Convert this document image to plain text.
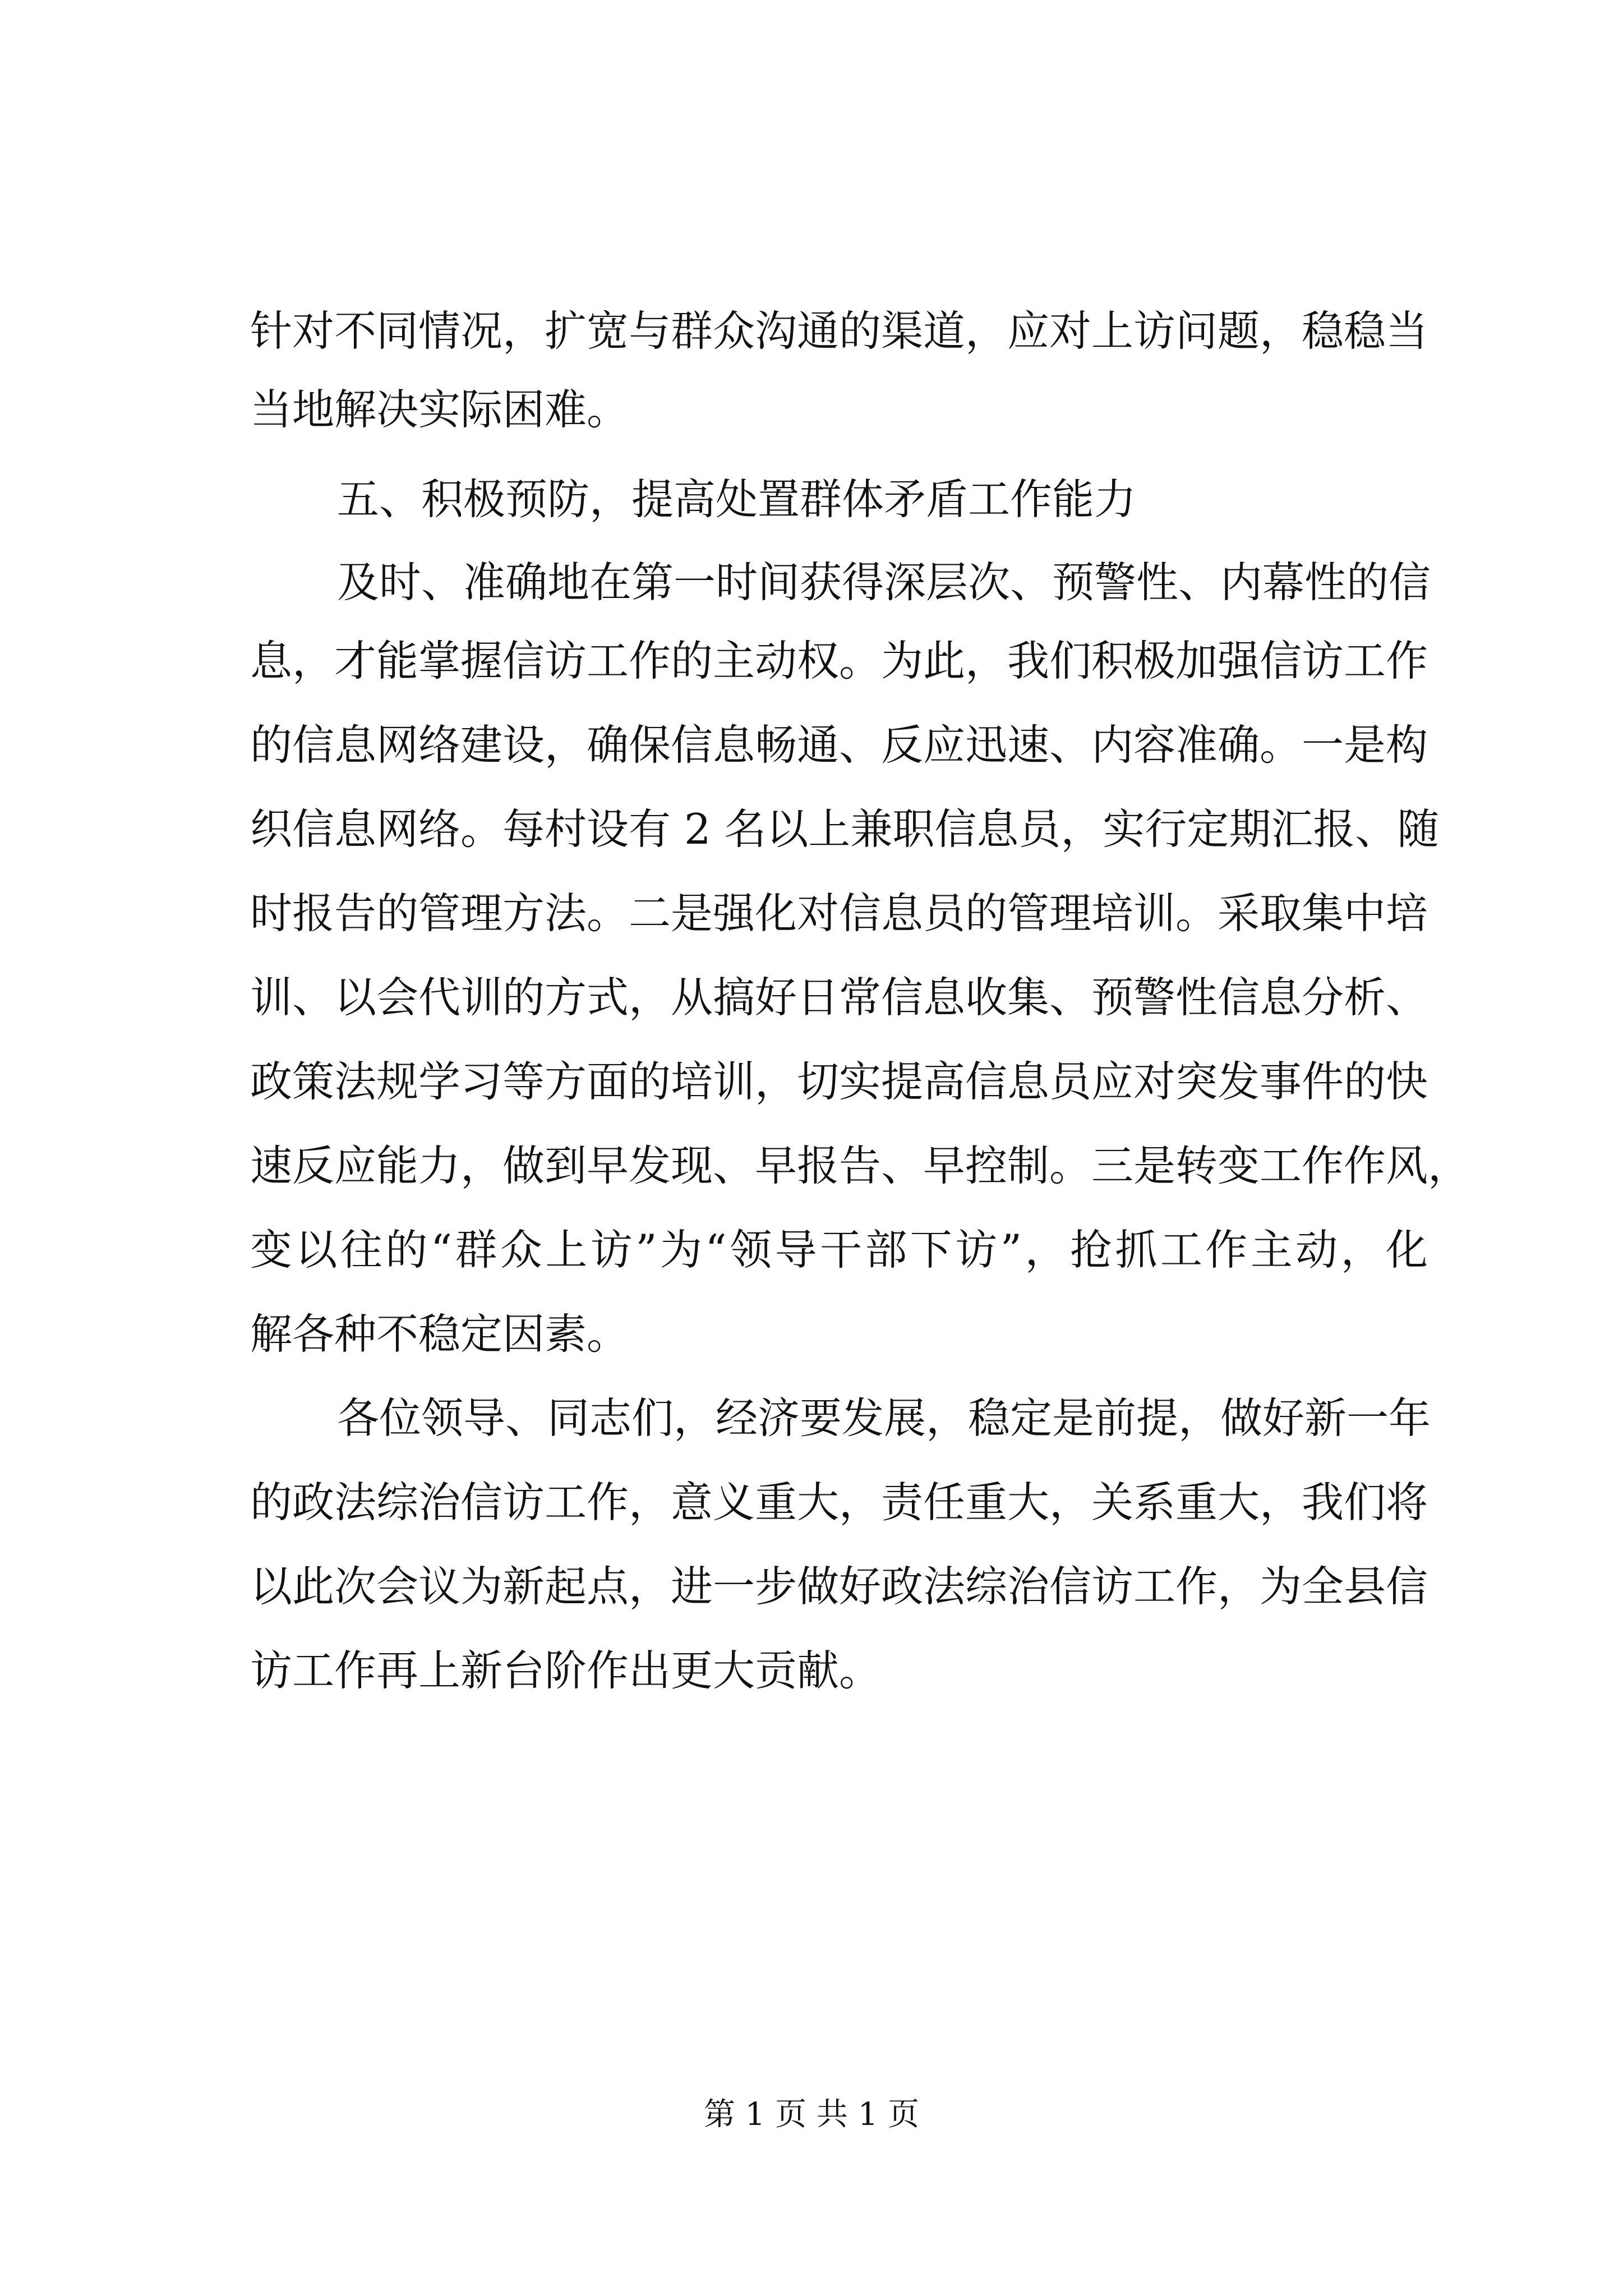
针对不同情况，扩宽与群众沟通的渠道，应对上访问题，稳稳当
当地解决实际困难。
五、积极预防，提高处置群体矛盾工作能力
及时、准确地在第一时间获得深层次、预警性、内幕性的信
息，才能掌握信访工作的主动权。为此，我们积极加强信访工作
的信息网络建设，确保信息畅通、反应迅速、内容准确。一是构
织信息网络。每村设有 2 名以上兼职信息员，实行定期汇报、随
时报告的管理方法。二是强化对信息员的管理培训。采取集中培
训、以会代训的方式，从搞好日常信息收集、预警性信息分析、
政策法规学习等方面的培训，切实提高信息员应对突发事件的快
速反应能力，做到早发现、早报告、早控制。三是转变工作作风，
变以往的“群众上访”为“领导干部下访”，抢抓工作主动，化
解各种不稳定因素。
各位领导、同志们，经济要发展，稳定是前提，做好新一年
的政法综治信访工作，意义重大，责任重大，关系重大，我们将
以此次会议为新起点，进一步做好政法综治信访工作，为全县信
访工作再上新台阶作出更大贡献。
第 1 页 共 1 页
